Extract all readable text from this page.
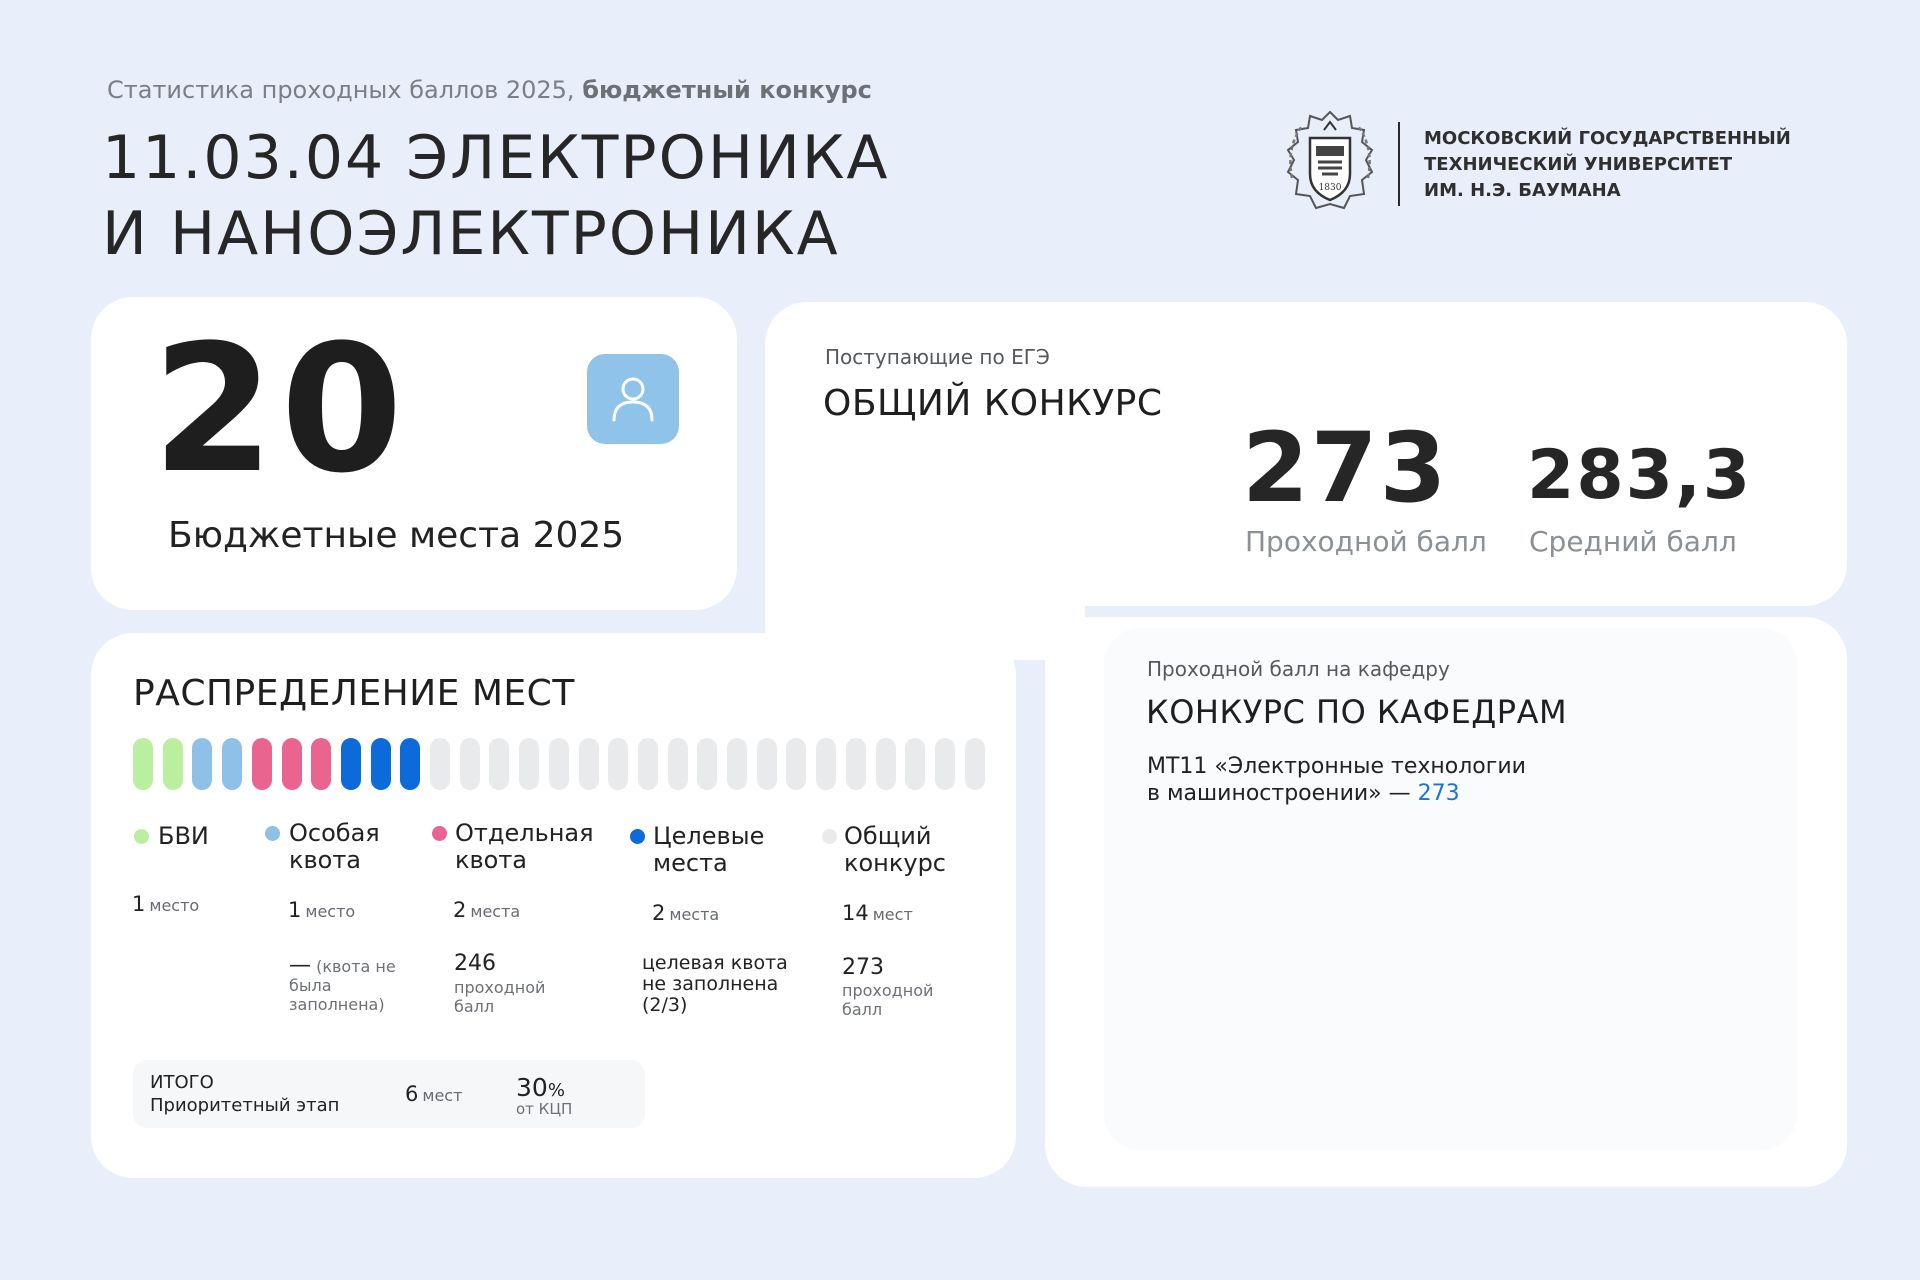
Статистика проходных баллов 2025, бюджетный конкурс
11.03.04 ЭЛЕКТРОНИКА
И НАНОЭЛЕКТРОНИКА
1830
МОСКОВСКИЙ ГОСУДАРСТВЕННЫЙ
ТЕХНИЧЕСКИЙ УНИВЕРСИТЕТ
ИМ. Н.Э. БАУМАНА
20
Бюджетные места 2025
Поступающие по ЕГЭ
ОБЩИЙ КОНКУРС
273
Проходной балл
283,3
Средний балл
РАСПРЕДЕЛЕНИЕ МЕСТ
БВИ
1 место
Особая
квота
1 место
— (квота не была заполнена)
Отдельная
квота
2 места
246
проходной балл
Целевые
места
2 места
целевая квота не заполнена (2/3)
Общий
конкурс
14 мест
273
проходной балл
ИТОГО
Приоритетный этап	6 мест 30%
от КЦП
Проходной балл на кафедру
КОНКУРС ПО КАФЕДРАМ
МТ11 «Электронные технологии
в машиностроении» — 273
